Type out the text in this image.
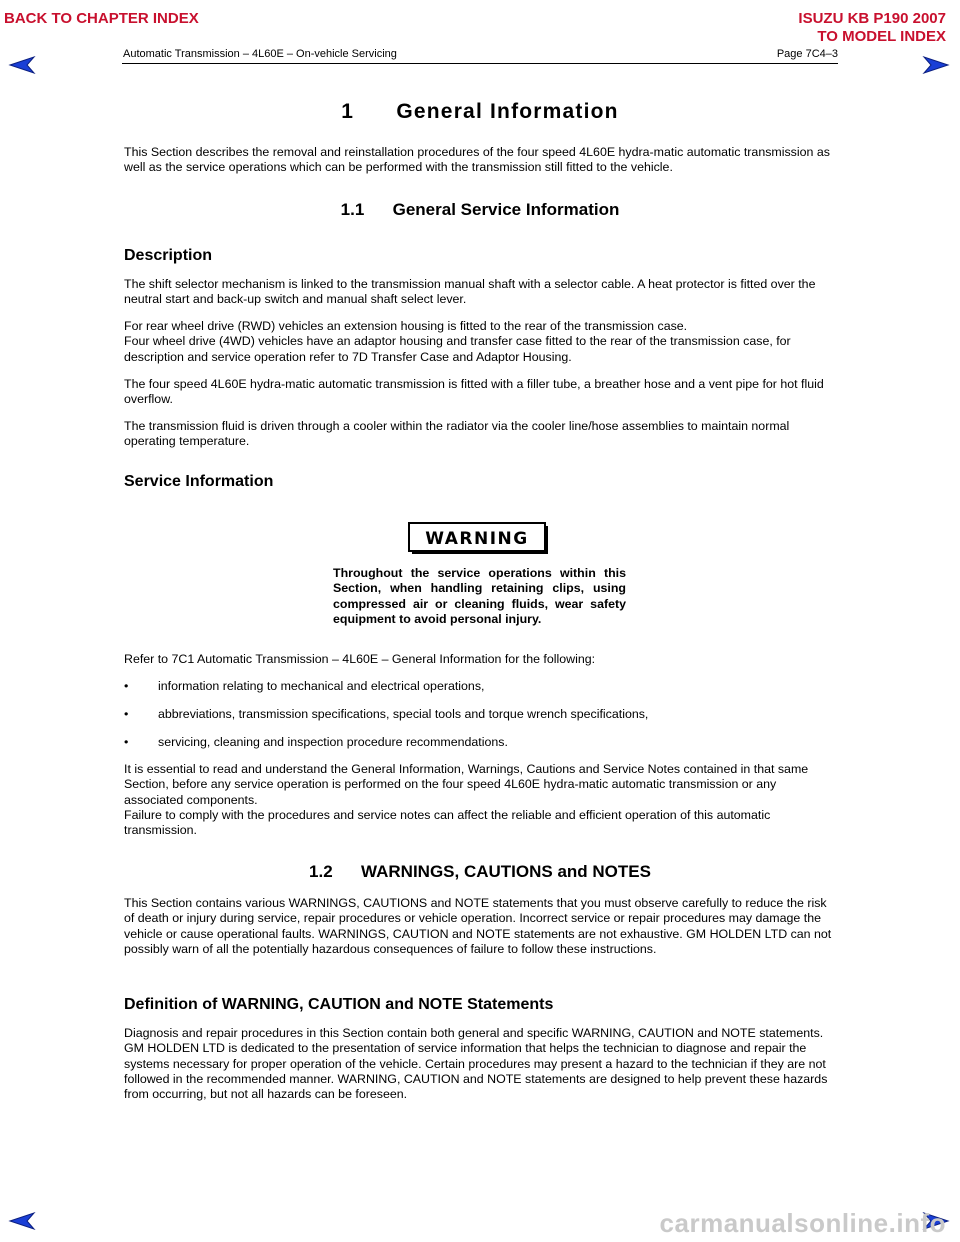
BACK TO CHAPTER INDEX	ISUZU KB P190 2007
TO MODEL INDEX
Automatic Transmission – 4L60E – On-vehicle Servicing	Page 7C4–3
1      General Information

This Section describes the removal and reinstallation procedures of the four speed 4L60E hydra-matic automatic transmission as well as the service operations which can be performed with the transmission still fitted to the vehicle.

1.1      General Service Information
Description

The shift selector mechanism is linked to the transmission manual shaft with a selector cable. A heat protector is fitted over the neutral start and back-up switch and manual shaft select lever.

For rear wheel drive (RWD) vehicles an extension housing is fitted to the rear of the transmission case.

Four wheel drive (4WD) vehicles have an adaptor housing and transfer case fitted to the rear of the transmission case, for description and service operation refer to 7D Transfer Case and Adaptor Housing.

The four speed 4L60E hydra-matic automatic transmission is fitted with a filler tube, a breather hose and a vent pipe for hot fluid overflow.

The transmission fluid is driven through a cooler within the radiator via the cooler line/hose assemblies to maintain normal operating temperature.

Service Information
WARNING
Throughout the service operations within this Section, when handling retaining clips, using compressed air or cleaning fluids, wear safety equipment to avoid personal injury.

Refer to 7C1 Automatic Transmission – 4L60E – General Information for the following:

• information relating to mechanical and electrical operations,
• abbreviations, transmission specifications, special tools and torque wrench specifications,
• servicing, cleaning and inspection procedure recommendations.

It is essential to read and understand the General Information, Warnings, Cautions and Service Notes contained in that same Section, before any service operation is performed on the four speed 4L60E hydra-matic automatic transmission or any associated components.

Failure to comply with the procedures and service notes can affect the reliable and efficient operation of this automatic transmission.

1.2      WARNINGS, CAUTIONS and NOTES

This Section contains various WARNINGS, CAUTIONS and NOTE statements that you must observe carefully to reduce the risk of death or injury during service, repair procedures or vehicle operation. Incorrect service or repair procedures may damage the vehicle or cause operational faults. WARNINGS, CAUTION and NOTE statements are not exhaustive. GM HOLDEN LTD can not possibly warn of all the potentially hazardous consequences of failure to follow these instructions.

Definition of WARNING, CAUTION and NOTE Statements

Diagnosis and repair procedures in this Section contain both general and specific WARNING, CAUTION and NOTE statements. GM HOLDEN LTD is dedicated to the presentation of service information that helps the technician to diagnose and repair the systems necessary for proper operation of the vehicle. Certain procedures may present a hazard to the technician if they are not followed in the recommended manner. WARNING, CAUTION and NOTE statements are designed to help prevent these hazards from occurring, but not all hazards can be foreseen.

carmanualsonline.info
